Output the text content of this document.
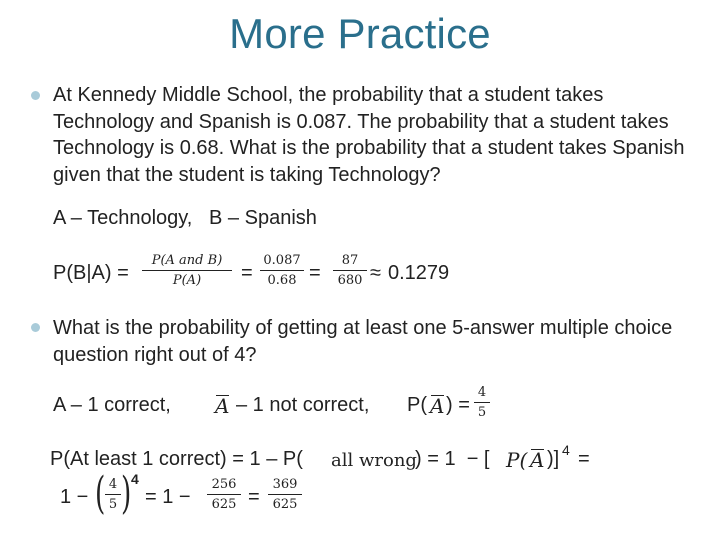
More Practice
At Kennedy Middle School, the probability that a student takes Technology and Spanish is 0.087. The probability that a student takes Technology is 0.68. What is the probability that a student takes Spanish given that the student is taking Technology?
A – Technology,   B – Spanish
P(B|A) =
P(A and B)
P(A)	= $\frac{0.087}{0.68} = \frac{87}{680} \approx 0.1279$
What is the probability of getting at least one 5-answer multiple choice question right out of 4?
A – 1 correct, A – 1 not correct, P( A ) = $\frac{4}{5}$
P(At least 1 correct) = 1 – P( all wrong
) = 1  − [ P( A )] 4 =
1 − ( $\frac{4}{5}$ ) 4
= $1 - \frac{256}{625} = \frac{369}{625}$
